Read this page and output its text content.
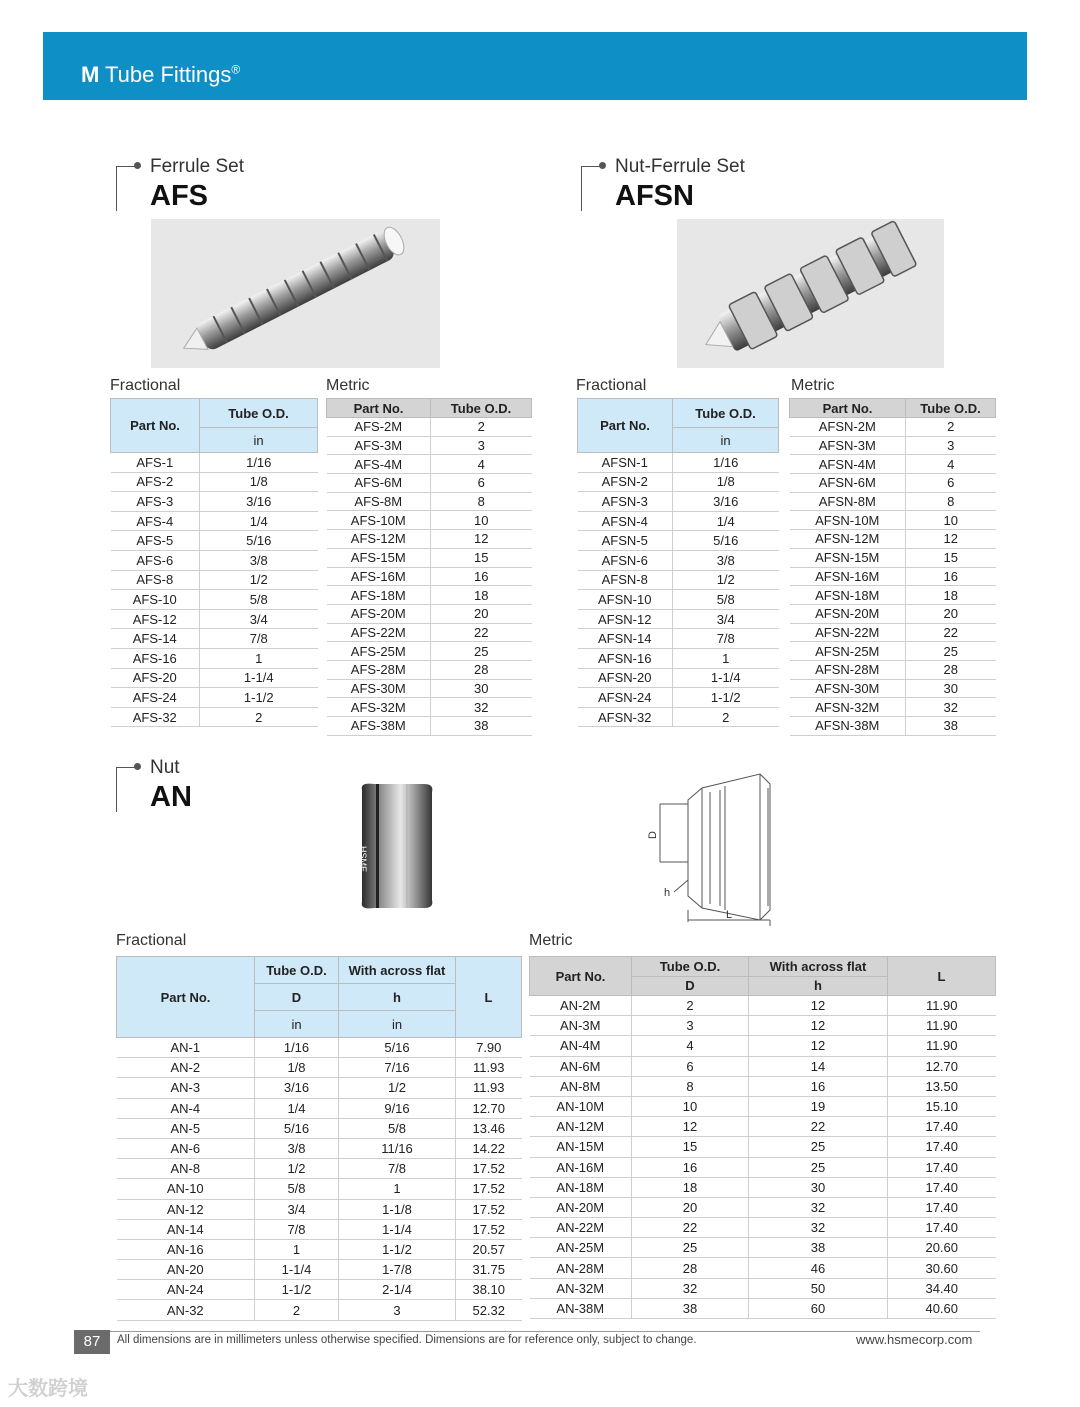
M Tube Fittings®
Ferrule Set
AFS
Fractional
Part No.	Tube O.D.
	in
AFS-1	1/16
AFS-2	1/8
AFS-3	3/16
AFS-4	1/4
AFS-5	5/16
AFS-6	3/8
AFS-8	1/2
AFS-10	5/8
AFS-12	3/4
AFS-14	7/8
AFS-16	1
AFS-20	1-1/4
AFS-24	1-1/2
AFS-32	2
Metric
Part No.	Tube O.D.
AFS-2M	2
AFS-3M	3
AFS-4M	4
AFS-6M	6
AFS-8M	8
AFS-10M	10
AFS-12M	12
AFS-15M	15
AFS-16M	16
AFS-18M	18
AFS-20M	20
AFS-22M	22
AFS-25M	25
AFS-28M	28
AFS-30M	30
AFS-32M	32
AFS-38M	38
Nut-Ferrule Set
AFSN
Fractional
Part No.	Tube O.D.
	in
AFSN-1	1/16
AFSN-2	1/8
AFSN-3	3/16
AFSN-4	1/4
AFSN-5	5/16
AFSN-6	3/8
AFSN-8	1/2
AFSN-10	5/8
AFSN-12	3/4
AFSN-14	7/8
AFSN-16	1
AFSN-20	1-1/4
AFSN-24	1-1/2
AFSN-32	2
Metric
Part No.	Tube O.D.
AFSN-2M	2
AFSN-3M	3
AFSN-4M	4
AFSN-6M	6
AFSN-8M	8
AFSN-10M	10
AFSN-12M	12
AFSN-15M	15
AFSN-16M	16
AFSN-18M	18
AFSN-20M	20
AFSN-22M	22
AFSN-25M	25
AFSN-28M	28
AFSN-30M	30
AFSN-32M	32
AFSN-38M	38
Nut
AN
HSME
D
h
L
Fractional
Part No.	Tube O.D.	With across flat	L
	D	h	
	in	in	
AN-1	1/16	5/16	7.90
AN-2	1/8	7/16	11.93
AN-3	3/16	1/2	11.93
AN-4	1/4	9/16	12.70
AN-5	5/16	5/8	13.46
AN-6	3/8	11/16	14.22
AN-8	1/2	7/8	17.52
AN-10	5/8	1	17.52
AN-12	3/4	1-1/8	17.52
AN-14	7/8	1-1/4	17.52
AN-16	1	1-1/2	20.57
AN-20	1-1/4	1-7/8	31.75
AN-24	1-1/2	2-1/4	38.10
AN-32	2	3	52.32
Metric
Part No.	Tube O.D.	With across flat	L
	D	h	
AN-2M	2	12	11.90
AN-3M	3	12	11.90
AN-4M	4	12	11.90
AN-6M	6	14	12.70
AN-8M	8	16	13.50
AN-10M	10	19	15.10
AN-12M	12	22	17.40
AN-15M	15	25	17.40
AN-16M	16	25	17.40
AN-18M	18	30	17.40
AN-20M	20	32	17.40
AN-22M	22	32	17.40
AN-25M	25	38	20.60
AN-28M	28	46	30.60
AN-32M	32	50	34.40
AN-38M	38	60	40.60
87	All dimensions are in millimeters unless otherwise specified. Dimensions are for reference only, subject to change.	www.hsmecorp.com
大数跨境
